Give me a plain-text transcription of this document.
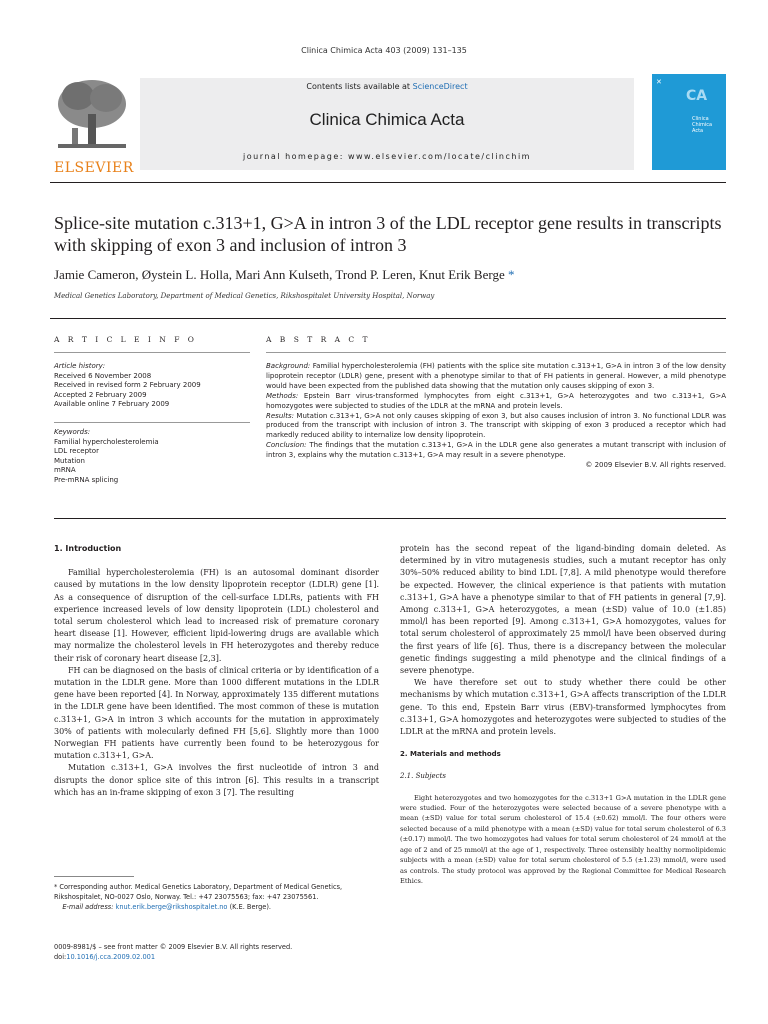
Clinica Chimica Acta 403 (2009) 131–135
ELSEVIER
Contents lists available at ScienceDirect
Clinica Chimica Acta
journal homepage: www.elsevier.com/locate/clinchim
✕
CA
Clinica
Chimica
Acta
Splice-site mutation c.313+1, G>A in intron 3 of the LDL receptor gene results in transcripts with skipping of exon 3 and inclusion of intron 3
Jamie Cameron, Øystein L. Holla, Mari Ann Kulseth, Trond P. Leren, Knut Erik Berge *
Medical Genetics Laboratory, Department of Medical Genetics, Rikshospitalet University Hospital, Norway
A R T I C L E I N F O	A B S T R A C T
Article history:
Received 6 November 2008
Received in revised form 2 February 2009
Accepted 2 February 2009
Available online 7 February 2009
Keywords:
Familial hypercholesterolemia
LDL receptor
Mutation
mRNA
Pre-mRNA splicing

Background: Familial hypercholesterolemia (FH) patients with the splice site mutation c.313+1, G>A in intron 3 of the low density lipoprotein receptor (LDLR) gene, present with a phenotype similar to that of FH patients in general. However, a mild phenotype would have been expected from the published data showing that the mutation only causes skipping of exon 3.

Methods: Epstein Barr virus-transformed lymphocytes from eight c.313+1, G>A heterozygotes and two c.313+1, G>A homozygotes were subjected to studies of the LDLR at the mRNA and protein levels.

Results: Mutation c.313+1, G>A not only causes skipping of exon 3, but also causes inclusion of intron 3. No functional LDLR was produced from the transcript with inclusion of intron 3. The transcript with skipping of exon 3 produced a receptor which had markedly reduced ability to internalize low density lipoprotein.

Conclusion: The findings that the mutation c.313+1, G>A in the LDLR gene also generates a mutant transcript with inclusion of intron 3, explains why the mutation c.313+1, G>A may result in a severe phenotype.

© 2009 Elsevier B.V. All rights reserved.

1. Introduction

Familial hypercholesterolemia (FH) is an autosomal dominant disorder caused by mutations in the low density lipoprotein receptor (LDLR) gene [1]. As a consequence of disruption of the cell-surface LDLRs, patients with FH experience increased levels of low density lipoprotein (LDL) cholesterol and total serum cholesterol which lead to increased risk of premature coronary heart disease [1]. However, efficient lipid-lowering drugs are available which may normalize the cholesterol levels in FH heterozygotes and thereby reduce their risk of coronary heart disease [2,3].

FH can be diagnosed on the basis of clinical criteria or by identification of a mutation in the LDLR gene. More than 1000 different mutations in the LDLR gene have been reported [4]. In Norway, approximately 135 different mutations in the LDLR gene have been identified. The most common of these is mutation c.313+1, G>A in intron 3 which accounts for the mutation in approximately 30% of patients with molecularly defined FH [5,6]. Slightly more than 1000 Norwegian FH patients have currently been found to be heterozygous for mutation c.313+1, G>A.

Mutation c.313+1, G>A involves the first nucleotide of intron 3 and disrupts the donor splice site of this intron [6]. This results in a transcript which has an in-frame skipping of exon 3 [7]. The resulting

protein has the second repeat of the ligand-binding domain deleted. As determined by in vitro mutagenesis studies, such a mutant receptor has only 30%–50% reduced ability to bind LDL [7,8]. A mild phenotype would therefore be expected. However, the clinical experience is that patients with mutation c.313+1, G>A have a phenotype similar to that of FH patients in general [7,9]. Among c.313+1, G>A heterozygotes, a mean (±SD) value of 10.0 (±1.85) mmol/l has been reported [9]. Among c.313+1, G>A homozygotes, values for total serum cholesterol of approximately 25 mmol/l have been observed during the first years of life [6]. Thus, there is a discrepancy between the molecular genetic findings suggesting a mild phenotype and the clinical findings of a severe phenotype.

We have therefore set out to study whether there could be other mechanisms by which mutation c.313+1, G>A affects transcription of the LDLR gene. To this end, Epstein Barr virus (EBV)-transformed lymphocytes from c.313+1, G>A homozygotes and heterozygotes were subjected to studies of the LDLR at the mRNA and protein levels.

2. Materials and methods
2.1. Subjects

Eight heterozygotes and two homozygotes for the c.313+1 G>A mutation in the LDLR gene were studied. Four of the heterozygotes were selected because of a severe phenotype with a mean (±SD) value for total serum cholesterol of 15.4 (±0.62) mmol/l. The four others were selected because of a mild phenotype with a mean (±SD) value for total serum cholesterol of 6.3 (±0.17) mmol/l. The two homozygotes had values for total serum cholesterol of 24 mmol/l at the age of 2 and of 25 mmol/l at the age of 1, respectively. Three ostensibly healthy normolipidemic subjects with a mean (±SD) value for total serum cholesterol of 5.5 (±1.23) mmol/l, were used as controls. The study protocol was approved by the Regional Committee for Medical Research Ethics.

* Corresponding author. Medical Genetics Laboratory, Department of Medical Genetics, Rikshospitalet, NO-0027 Oslo, Norway. Tel.: +47 23075563; fax: +47 23075561.
E-mail address: knut.erik.berge@rikshospitalet.no (K.E. Berge).
0009-8981/$ – see front matter © 2009 Elsevier B.V. All rights reserved.
doi:10.1016/j.cca.2009.02.001
